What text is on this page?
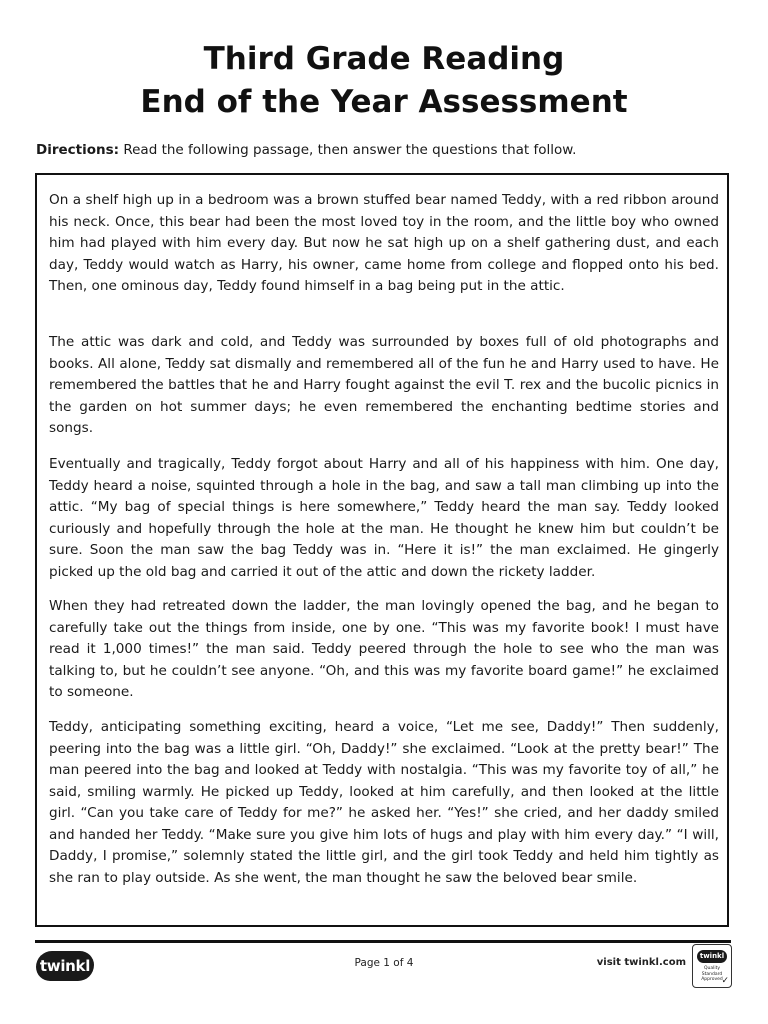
Third Grade Reading
End of the Year Assessment
Directions: Read the following passage, then answer the questions that follow.

On a shelf high up in a bedroom was a brown stuffed bear named Teddy, with a red ribbon around his neck. Once, this bear had been the most loved toy in the room, and the little boy who owned him had played with him every day. But now he sat high up on a shelf gathering dust, and each day, Teddy would watch as Harry, his owner, came home from college and flopped onto his bed. Then, one ominous day, Teddy found himself in a bag being put in the attic.

The attic was dark and cold, and Teddy was surrounded by boxes full of old photographs and books. All alone, Teddy sat dismally and remembered all of the fun he and Harry used to have. He remembered the battles that he and Harry fought against the evil T. rex and the bucolic picnics in the garden on hot summer days; he even remembered the enchanting bedtime stories and songs.

Eventually and tragically, Teddy forgot about Harry and all of his happiness with him. One day, Teddy heard a noise, squinted through a hole in the bag, and saw a tall man climbing up into the attic. “My bag of special things is here somewhere,” Teddy heard the man say. Teddy looked curiously and hopefully through the hole at the man. He thought he knew him but couldn’t be sure. Soon the man saw the bag Teddy was in. “Here it is!” the man exclaimed. He gingerly picked up the old bag and carried it out of the attic and down the rickety ladder.

When they had retreated down the ladder, the man lovingly opened the bag, and he began to carefully take out the things from inside, one by one. “This was my favorite book! I must have read it 1,000 times!” the man said. Teddy peered through the hole to see who the man was talking to, but he couldn’t see anyone. “Oh, and this was my favorite board game!” he exclaimed to someone.

Teddy, anticipating something exciting, heard a voice, “Let me see, Daddy!” Then suddenly, peering into the bag was a little girl. “Oh, Daddy!” she exclaimed. “Look at the pretty bear!” The man peered into the bag and looked at Teddy with nostalgia. “This was my favorite toy of all,” he said, smiling warmly. He picked up Teddy, looked at him carefully, and then looked at the little girl. “Can you take care of Teddy for me?” he asked her. “Yes!” she cried, and her daddy smiled and handed her Teddy. “Make sure you give him lots of hugs and play with him every day.” “I will, Daddy, I promise,” solemnly stated the little girl, and the girl took Teddy and held him tightly as she ran to play outside. As she went, the man thought he saw the beloved bear smile.

twinkl	Page 1 of 4	visit twinkl.com
twinkl
Quality Standard Approved
✓
